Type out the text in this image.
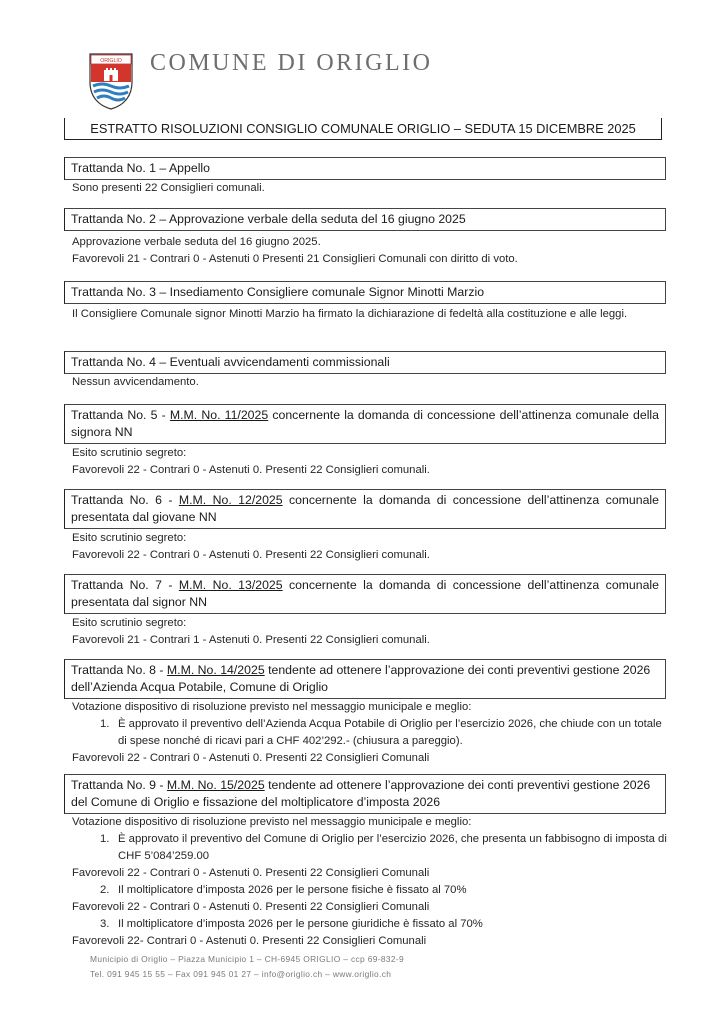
ORIGLIO COMUNE DI ORIGLIO
ESTRATTO RISOLUZIONI CONSIGLIO COMUNALE ORIGLIO – SEDUTA 15 DICEMBRE 2025
Trattanda No. 1 – Appello
Sono presenti 22 Consiglieri comunali.
Trattanda No. 2 – Approvazione verbale della seduta del 16 giugno 2025
Approvazione verbale seduta del 16 giugno 2025.
Favorevoli 21 - Contrari 0 - Astenuti 0 Presenti 21 Consiglieri Comunali con diritto di voto.
Trattanda No. 3 – Insediamento Consigliere comunale Signor Minotti Marzio
Il Consigliere Comunale signor Minotti Marzio ha firmato la dichiarazione di fedeltà alla costituzione e alle leggi.
Trattanda No. 4 – Eventuali avvicendamenti commissionali
Nessun avvicendamento.
Trattanda No. 5 - M.M. No. 11/2025 concernente la domanda di concessione dell’attinenza comunale della signora NN
Esito scrutinio segreto:
Favorevoli 22 - Contrari 0 - Astenuti 0. Presenti 22 Consiglieri comunali.
Trattanda No. 6 - M.M. No. 12/2025 concernente la domanda di concessione dell’attinenza comunale presentata dal giovane NN
Esito scrutinio segreto:
Favorevoli 22 - Contrari 0 - Astenuti 0. Presenti 22 Consiglieri comunali.
Trattanda No. 7 - M.M. No. 13/2025 concernente la domanda di concessione dell’attinenza comunale presentata dal signor NN
Esito scrutinio segreto:
Favorevoli 21 - Contrari 1 - Astenuti 0. Presenti 22 Consiglieri comunali.
Trattanda No. 8 - M.M. No. 14/2025 tendente ad ottenere l’approvazione dei conti preventivi gestione 2026 dell’Azienda Acqua Potabile, Comune di Origlio
Votazione dispositivo di risoluzione previsto nel messaggio municipale e meglio:
1. È approvato il preventivo dell’Azienda Acqua Potabile di Origlio per l’esercizio 2026, che chiude con un totale di spese nonché di ricavi pari a CHF 402’292.- (chiusura a pareggio).
Favorevoli 22 - Contrari 0 - Astenuti 0. Presenti 22 Consiglieri Comunali
Trattanda No. 9 - M.M. No. 15/2025 tendente ad ottenere l’approvazione dei conti preventivi gestione 2026 del Comune di Origlio e fissazione del moltiplicatore d’imposta 2026
Votazione dispositivo di risoluzione previsto nel messaggio municipale e meglio:
1. È approvato il preventivo del Comune di Origlio per l’esercizio 2026, che presenta un fabbisogno di imposta di CHF 5’084’259.00
Favorevoli 22 - Contrari 0 - Astenuti 0. Presenti 22 Consiglieri Comunali
2. Il moltiplicatore d’imposta 2026 per le persone fisiche è fissato al 70%
Favorevoli 22 - Contrari 0 - Astenuti 0. Presenti 22 Consiglieri Comunali
3. Il moltiplicatore d’imposta 2026 per le persone giuridiche è fissato al 70%
Favorevoli 22- Contrari 0 - Astenuti 0. Presenti 22 Consiglieri Comunali
Municipio di Origlio – Piazza Municipio 1 – CH-6945 ORIGLIO – ccp 69-832-9
Tel. 091 945 15 55 – Fax 091 945 01 27 – info@origlio.ch – www.origlio.ch
